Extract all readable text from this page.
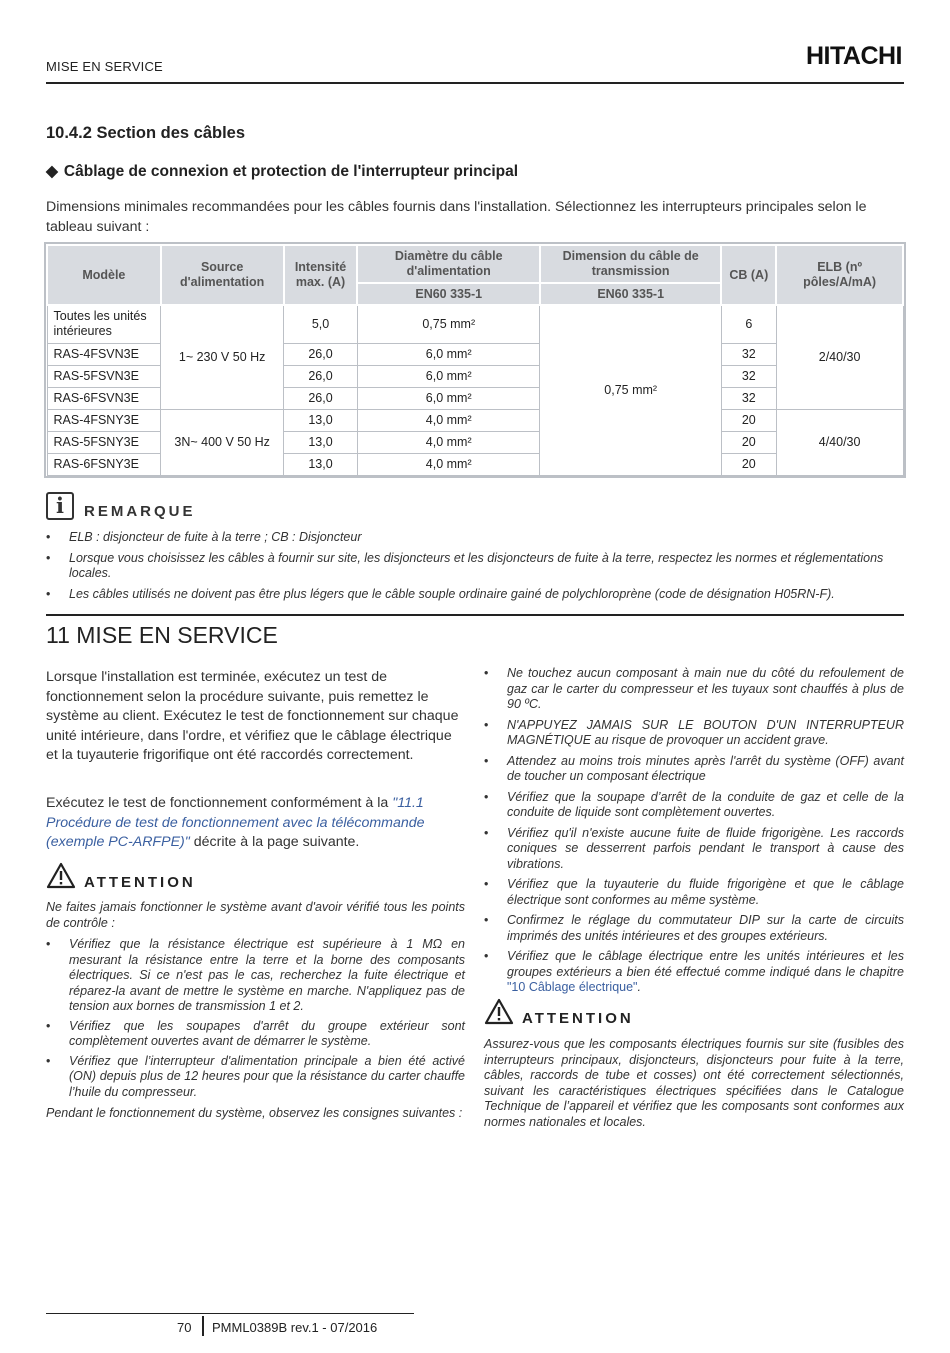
MISE EN SERVICE	HITACHI
10.4.2 Section des câbles
◆ Câblage de connexion et protection de l'interrupteur principal
Dimensions minimales recommandées pour les câbles fournis dans l'installation. Sélectionnez les interrupteurs principales selon le tableau suivant :
Modèle	Source d'alimentation	Intensité max. (A)	Diamètre du câble d'alimentation	Dimension du câble de transmission	CB (A)	ELB (nº pôles/A/mA)
			EN60 335-1	EN60 335-1		
Toutes les unités intérieures	1~ 230 V 50 Hz	5,0	0,75 mm²	0,75 mm²	6	2/40/30
RAS-4FSVN3E		26,0	6,0 mm²		32	
RAS-5FSVN3E		26,0	6,0 mm²		32	
RAS-6FSVN3E		26,0	6,0 mm²		32	
RAS-4FSNY3E	3N~ 400 V 50 Hz	13,0	4,0 mm²		20	4/40/30
RAS-5FSNY3E		13,0	4,0 mm²		20	
RAS-6FSNY3E		13,0	4,0 mm²		20	
i	REMARQUE
• ELB : disjoncteur de fuite à la terre ; CB : Disjoncteur
• Lorsque vous choisissez les câbles à fournir sur site, les disjoncteurs et les disjoncteurs de fuite à la terre, respectez les normes et réglementations locales.
• Les câbles utilisés ne doivent pas être plus légers que le câble souple ordinaire gainé de polychloroprène (code de désignation H05RN-F).
11 MISE EN SERVICE
Lorsque l'installation est terminée, exécutez un test de fonctionnement selon la procédure suivante, puis remettez le système au client. Exécutez le test de fonctionnement sur chaque unité intérieure, dans l'ordre, et vérifiez que le câblage électrique et la tuyauterie frigorifique ont été raccordés correctement.
Exécutez le test de fonctionnement conformément à la "11.1 Procédure de test de fonctionnement avec la télécommande (exemple PC-ARFPE)" décrite à la page suivante.
ATTENTION
Ne faites jamais fonctionner le système avant d'avoir vérifié tous les points de contrôle :
• Vérifiez que la résistance électrique est supérieure à 1 MΩ en mesurant la résistance entre la terre et la borne des composants électriques. Si ce n'est pas le cas, recherchez la fuite électrique et réparez-la avant de mettre le système en marche. N'appliquez pas de tension aux bornes de transmission 1 et 2.
• Vérifiez que les soupapes d'arrêt du groupe extérieur sont complètement ouvertes avant de démarrer le système.
• Vérifiez que l’interrupteur d'alimentation principale a bien été activé (ON) depuis plus de 12 heures pour que la résistance du carter chauffe l’huile du compresseur.
Pendant le fonctionnement du système, observez les consignes suivantes :
• Ne touchez aucun composant à main nue du côté du refoulement de gaz car le carter du compresseur et les tuyaux sont chauffés à plus de 90 ºC.
• N'APPUYEZ JAMAIS SUR LE BOUTON D'UN INTERRUPTEUR MAGNÉTIQUE au risque de provoquer un accident grave.
• Attendez au moins trois minutes après l'arrêt du système (OFF) avant de toucher un composant électrique
• Vérifiez que la soupape d’arrêt de la conduite de gaz et celle de la conduite de liquide sont complètement ouvertes.
• Vérifiez qu'il n'existe aucune fuite de fluide frigorigène. Les raccords coniques se desserrent parfois pendant le transport à cause des vibrations.
• Vérifiez que la tuyauterie du fluide frigorigène et que le câblage électrique sont conformes au même système.
• Confirmez le réglage du commutateur DIP sur la carte de circuits imprimés des unités intérieures et des groupes extérieurs.
• Vérifiez que le câblage électrique entre les unités intérieures et les groupes extérieurs a bien été effectué comme indiqué dans le chapitre "10 Câblage électrique".
ATTENTION
Assurez-vous que les composants électriques fournis sur site (fusibles des interrupteurs principaux, disjoncteurs, disjoncteurs pour fuite à la terre, câbles, raccords de tube et cosses) ont été correctement sélectionnés, suivant les caractéristiques électriques spécifiées dans le Catalogue Technique de l’appareil et vérifiez que les composants sont conformes aux normes nationales et locales.
70 PMML0389B rev.1 - 07/2016
